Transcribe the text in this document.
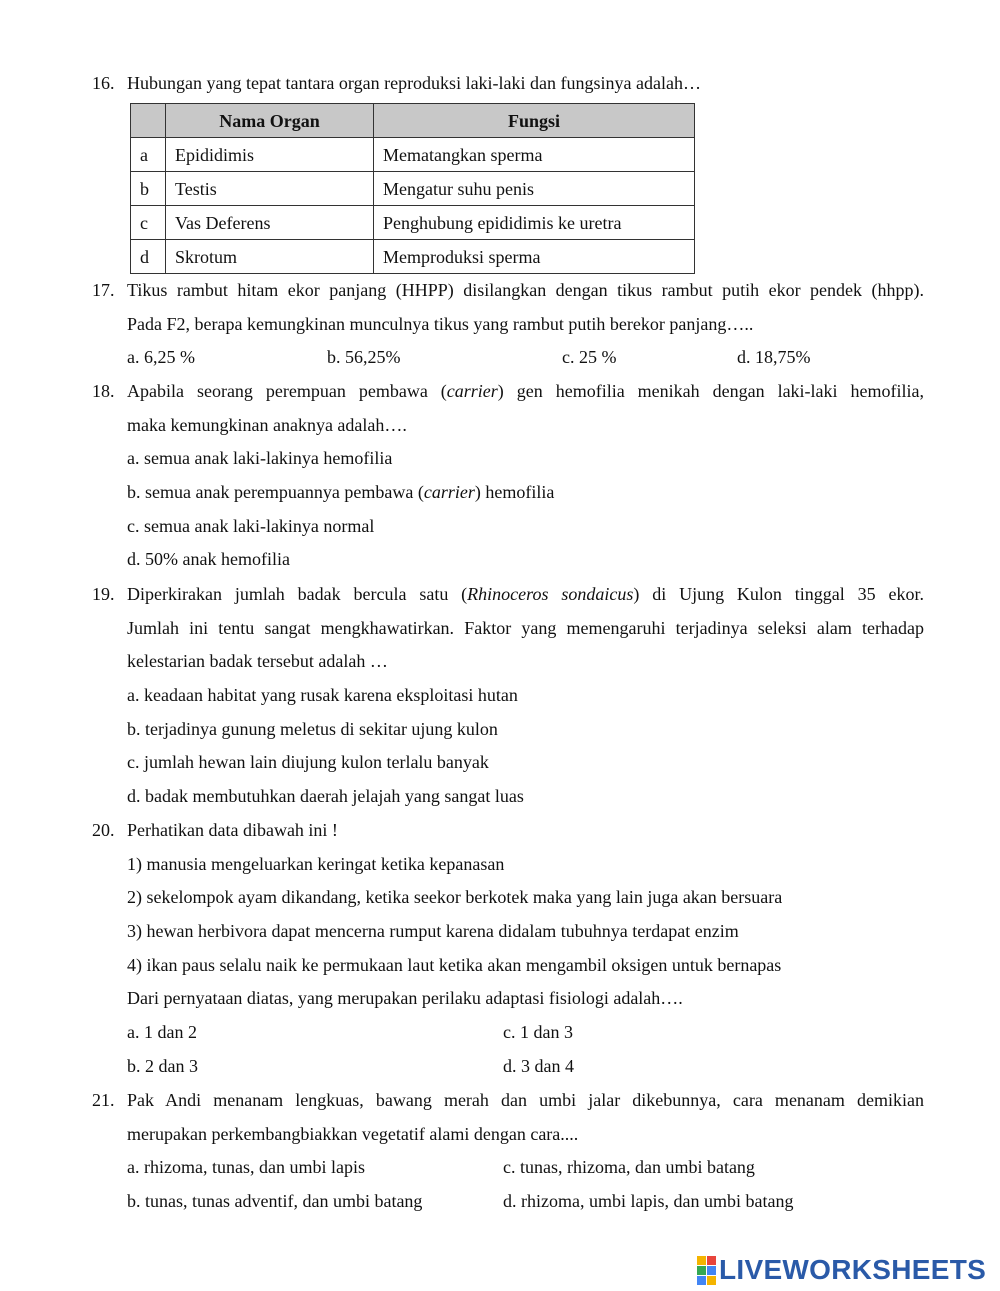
16. Hubungan yang tepat tantara organ reproduksi laki-laki dan fungsinya adalah…
	Nama Organ	Fungsi
a	Epididimis	Mematangkan sperma
b	Testis	Mengatur suhu penis
c	Vas Deferens	Penghubung epididimis ke uretra
d	Skrotum	Memproduksi sperma
17. Tikus rambut hitam ekor panjang (HHPP) disilangkan dengan tikus rambut putih ekor pendek (hhpp).
Pada F2, berapa kemungkinan munculnya tikus yang rambut putih berekor panjang…..
a. 6,25 %	b. 56,25%	c. 25 %	d. 18,75%
18. Apabila seorang perempuan pembawa (carrier) gen hemofilia menikah dengan laki-laki hemofilia,
maka kemungkinan anaknya adalah….
a. semua anak laki-lakinya hemofilia
b. semua anak perempuannya pembawa (carrier) hemofilia
c. semua anak laki-lakinya normal
d. 50% anak hemofilia
19. Diperkirakan jumlah badak bercula satu (Rhinoceros sondaicus) di Ujung Kulon tinggal 35 ekor.
Jumlah ini tentu sangat mengkhawatirkan. Faktor yang memengaruhi terjadinya seleksi alam terhadap
kelestarian badak tersebut adalah …
a. keadaan habitat yang rusak karena eksploitasi hutan
b. terjadinya gunung meletus di sekitar ujung kulon
c. jumlah hewan lain diujung kulon terlalu banyak
d. badak membutuhkan daerah jelajah yang sangat luas
20. Perhatikan data dibawah ini !
1) manusia mengeluarkan keringat ketika kepanasan
2) sekelompok ayam dikandang, ketika seekor berkotek maka yang lain juga akan bersuara
3) hewan herbivora dapat mencerna rumput karena didalam tubuhnya terdapat enzim
4) ikan paus selalu naik ke permukaan laut ketika akan mengambil oksigen untuk bernapas
Dari pernyataan diatas, yang merupakan perilaku adaptasi fisiologi adalah….
a. 1 dan 2	c. 1 dan 3
b. 2 dan 3	d. 3 dan 4
21. Pak Andi menanam lengkuas, bawang merah dan umbi jalar dikebunnya, cara menanam demikian
merupakan perkembangbiakkan vegetatif alami dengan cara....
a. rhizoma, tunas, dan umbi lapis	c. tunas, rhizoma, dan umbi batang
b. tunas, tunas adventif, dan umbi batang	d. rhizoma, umbi lapis, dan umbi batang
LIVEWORKSHEETS
